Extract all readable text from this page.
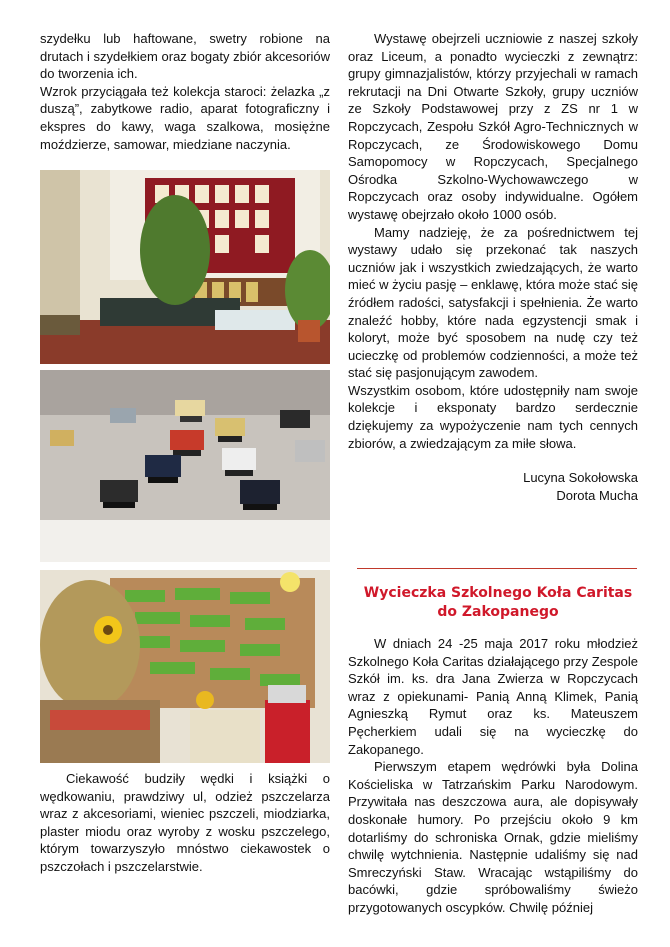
szydełku lub haftowane, swetry robione na drutach i szydełkiem oraz bogaty zbiór akcesoriów do tworzenia ich.

Wzrok przyciągała też kolekcja staroci: żelazka „z duszą”, zabytkowe radio, aparat fotograficzny i ekspres do kawy, waga szalkowa, mosiężne moździerze, samowar, miedziane naczynia.

Ciekawość budziły wędki i książki o wędkowaniu, prawdziwy ul, odzież pszczelarza wraz z akcesoriami, wieniec pszczeli, miodziarka, plaster miodu oraz wyroby z wosku pszczelego, którym towarzyszyło mnóstwo ciekawostek o pszczołach i pszczelarstwie.

Wystawę obejrzeli uczniowie z naszej szkoły oraz Liceum, a ponadto wycieczki z zewnątrz: grupy gimnazjalistów, którzy przyjechali w ramach rekrutacji na Dni Otwarte Szkoły, grupy uczniów ze Szkoły Podstawowej przy z ZS nr 1 w Ropczycach, Zespołu Szkół Agro-Technicznych w Ropczycach, ze Środowiskowego Domu Samopomocy w Ropczycach, Specjalnego Ośrodka Szkolno-Wychowawczego w Ropczycach oraz osoby indywidualne. Ogółem wystawę obejrzało około 1000 osób.

Mamy nadzieję, że za pośrednictwem tej wystawy udało się przekonać tak naszych uczniów jak i wszystkich zwiedzających, że warto mieć w życiu pasję – enklawę, która może stać się źródłem radości, satysfakcji i spełnienia. Że warto znaleźć hobby, które nada egzystencji smak i koloryt, może być sposobem na nudę czy też ucieczkę od problemów codzienności, a może też stać się pasjonującym zawodem.

Wszystkim osobom, które udostępniły nam swoje kolekcje i eksponaty bardzo serdecznie dziękujemy za wypożyczenie nam tych cennych zbiorów, a zwiedzającym za miłe słowa.

Lucyna Sokołowska

Dorota Mucha

Wycieczka Szkolnego Koła Caritas
do Zakopanego

W dniach 24 -25 maja 2017 roku młodzież Szkolnego Koła Caritas działającego przy Zespole Szkół im. ks. dra Jana Zwierza w Ropczycach wraz z opiekunami- Panią Anną Klimek, Panią Agnieszką Rymut oraz ks. Mateuszem Pęcherkiem udali się na wycieczkę do Zakopanego.

Pierwszym etapem wędrówki była Dolina Kościeliska w Tatrzańskim Parku Narodowym. Przywitała nas deszczowa aura, ale dopisywały doskonałe humory. Po przejściu około 9 km dotarliśmy do schroniska Ornak, gdzie mieliśmy chwilę wytchnienia. Następnie udaliśmy się nad Smreczyński Staw. Wracając wstąpiliśmy do bacówki, gdzie spróbowaliśmy świeżo przygotowanych oscypków. Chwilę później
